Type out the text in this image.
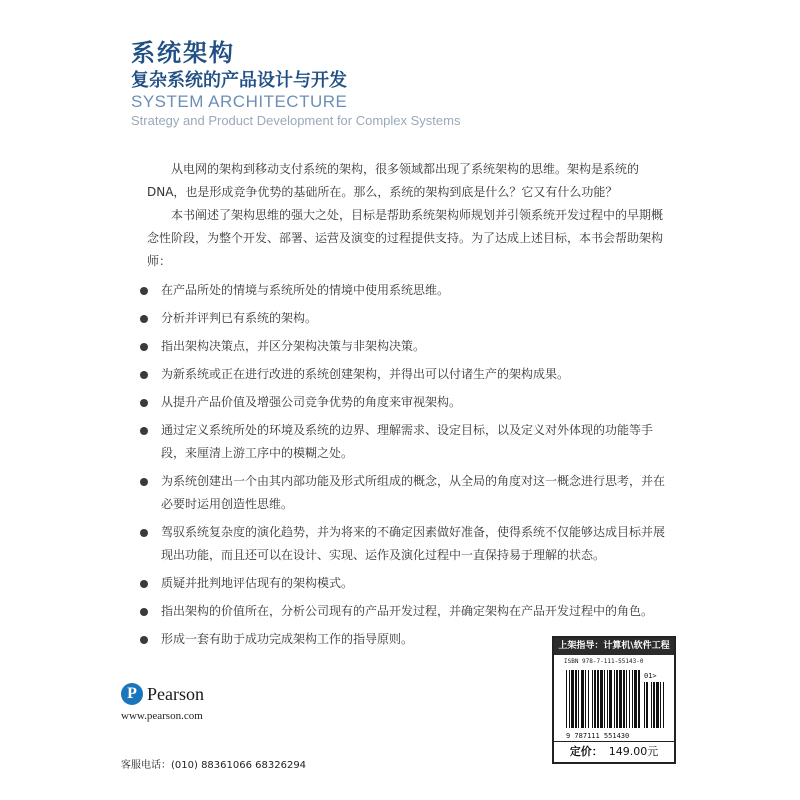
系统架构
复杂系统的产品设计与开发
SYSTEM ARCHITECTURE
Strategy and Product Development for Complex Systems

从电网的架构到移动支付系统的架构，很多领域都出现了系统架构的思维。架构是系统的DNA，也是形成竞争优势的基础所在。那么，系统的架构到底是什么？它又有什么功能？

本书阐述了架构思维的强大之处，目标是帮助系统架构师规划并引领系统开发过程中的早期概念性阶段，为整个开发、部署、运营及演变的过程提供支持。为了达成上述目标，本书会帮助架构师：

在产品所处的情境与系统所处的情境中使用系统思维。
分析并评判已有系统的架构。
指出架构决策点，并区分架构决策与非架构决策。
为新系统或正在进行改进的系统创建架构，并得出可以付诸生产的架构成果。
从提升产品价值及增强公司竞争优势的角度来审视架构。
通过定义系统所处的环境及系统的边界、理解需求、设定目标，以及定义对外体现的功能等手段，来厘清上游工序中的模糊之处。
为系统创建出一个由其内部功能及形式所组成的概念，从全局的角度对这一概念进行思考，并在必要时运用创造性思维。
驾驭系统复杂度的演化趋势，并为将来的不确定因素做好准备，使得系统不仅能够达成目标并展现出功能，而且还可以在设计、实现、运作及演化过程中一直保持易于理解的状态。
质疑并批判地评估现有的架构模式。
指出架构的价值所在，分析公司现有的产品开发过程，并确定架构在产品开发过程中的角色。
形成一套有助于成功完成架构工作的指导原则。
P Pearson
www.pearson.com
客服电话：(010) 88361066 68326294
上架指导：计算机\软件工程
ISBN 978-7-111-55143-0
9 787111 551430
01>
定价： 149.00元
